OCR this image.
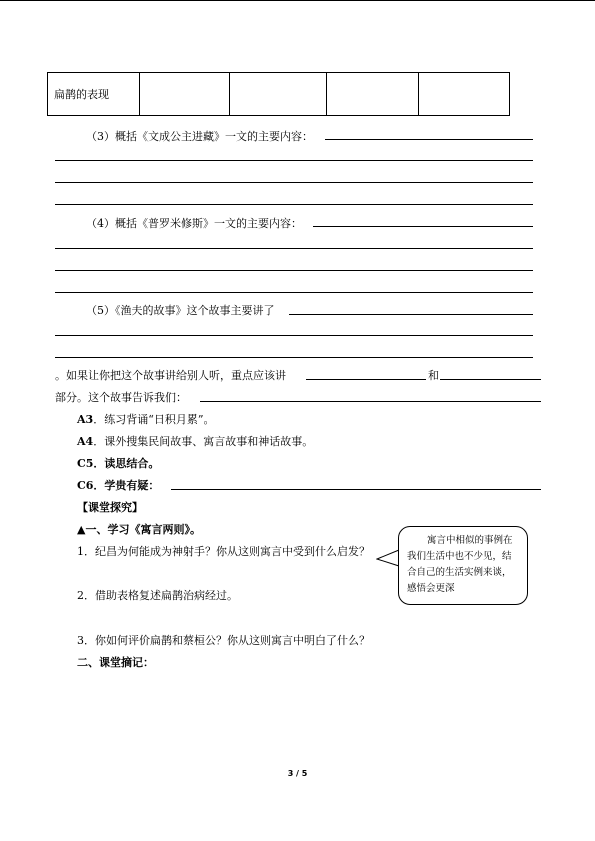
扁鹊的表现				
（3）概括《文成公主进藏》一文的主要内容：
（4）概括《普罗米修斯》一文的主要内容：
（5）《渔夫的故事》这个故事主要讲了
。如果让你把这个故事讲给别人听，重点应该讲	和
部分。这个故事告诉我们：
A3．练习背诵“日积月累”。
A4．课外搜集民间故事、寓言故事和神话故事。
C5．读思结合。
C6．学贵有疑：
【课堂探究】
▲一、学习《寓言两则》。
1．纪昌为何能成为神射手？你从这则寓言中受到什么启发？
2．借助表格复述扁鹊治病经过。
3．你如何评价扁鹊和蔡桓公？你从这则寓言中明白了什么？
二、课堂摘记：
寓言中相似的事例在我们生活中也不少见，结合自己的生活实例来谈，感悟会更深
3 / 5
